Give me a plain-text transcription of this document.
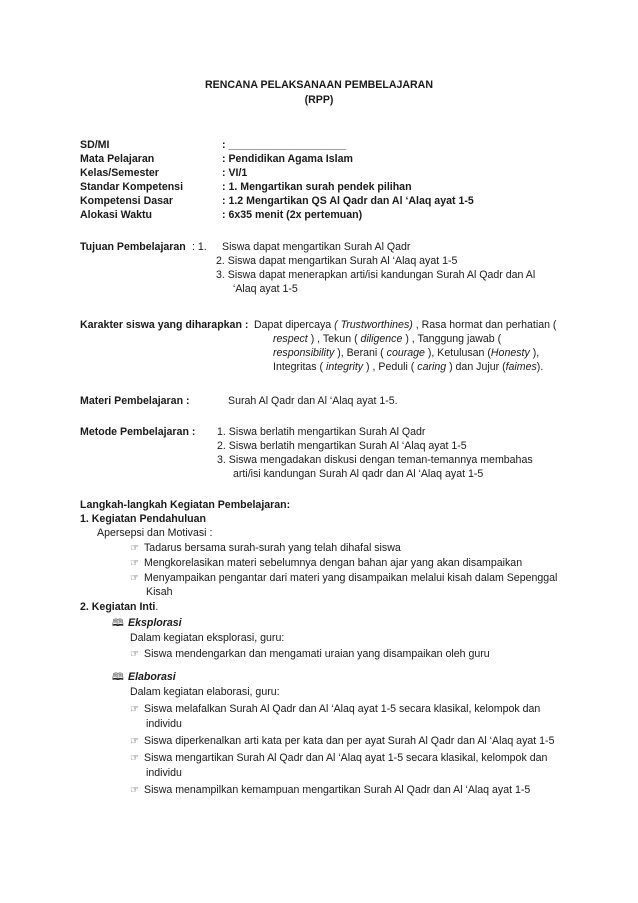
RENCANA PELAKSANAAN PEMBELAJARAN
(RPP)
SD/MI	: ____________________
Mata Pelajaran	: Pendidikan Agama Islam
Kelas/Semester	: VI/1
Standar Kompetensi	: 1. Mengartikan surah pendek pilihan
Kompetensi Dasar	: 1.2 Mengartikan QS Al Qadr dan Al ‘Alaq ayat 1-5
Alokasi Waktu	: 6x35 menit (2x pertemuan)
Tujuan Pembelajaran : 1. Siswa dapat mengartikan Surah Al Qadr
2. Siswa dapat mengartikan Surah Al ‘Alaq ayat 1-5
3. Siswa dapat menerapkan arti/isi kandungan Surah Al Qadr dan Al
‘Alaq ayat 1-5
Karakter siswa yang diharapkan : Dapat dipercaya ( Trustworthines) , Rasa hormat dan perhatian (
respect ) , Tekun ( diligence ) , Tanggung jawab (
responsibility ), Berani ( courage ), Ketulusan (Honesty ),
Integritas ( integrity ) , Peduli ( caring ) dan Jujur (faimes).
Materi Pembelajaran :	Surah Al Qadr dan Al ‘Alaq ayat 1-5.
Metode Pembelajaran : 1. Siswa berlatih mengartikan Surah Al Qadr
2. Siswa berlatih mengartikan Surah Al ‘Alaq ayat 1-5
3. Siswa mengadakan diskusi dengan teman-temannya membahas
arti/isi kandungan Surah Al qadr dan Al ‘Alaq ayat 1-5
Langkah-langkah Kegiatan Pembelajaran:
1. Kegiatan Pendahuluan
Apersepsi dan Motivasi :
☞ Tadarus bersama surah-surah yang telah dihafal siswa
☞ Mengkorelasikan materi sebelumnya dengan bahan ajar yang akan disampaikan
☞ Menyampaikan pengantar dari materi yang disampaikan melalui kisah dalam Sepenggal
Kisah
2. Kegiatan Inti.
🕮 Eksplorasi
Dalam kegiatan eksplorasi, guru:
☞ Siswa mendengarkan dan mengamati uraian yang disampaikan oleh guru
🕮 Elaborasi
Dalam kegiatan elaborasi, guru:
☞ Siswa melafalkan Surah Al Qadr dan Al ‘Alaq ayat 1-5 secara klasikal, kelompok dan
individu
☞ Siswa diperkenalkan arti kata per kata dan per ayat Surah Al Qadr dan Al ‘Alaq ayat 1-5
☞ Siswa mengartikan Surah Al Qadr dan Al ‘Alaq ayat 1-5 secara klasikal, kelompok dan
individu
☞ Siswa menampilkan kemampuan mengartikan Surah Al Qadr dan Al ‘Alaq ayat 1-5
